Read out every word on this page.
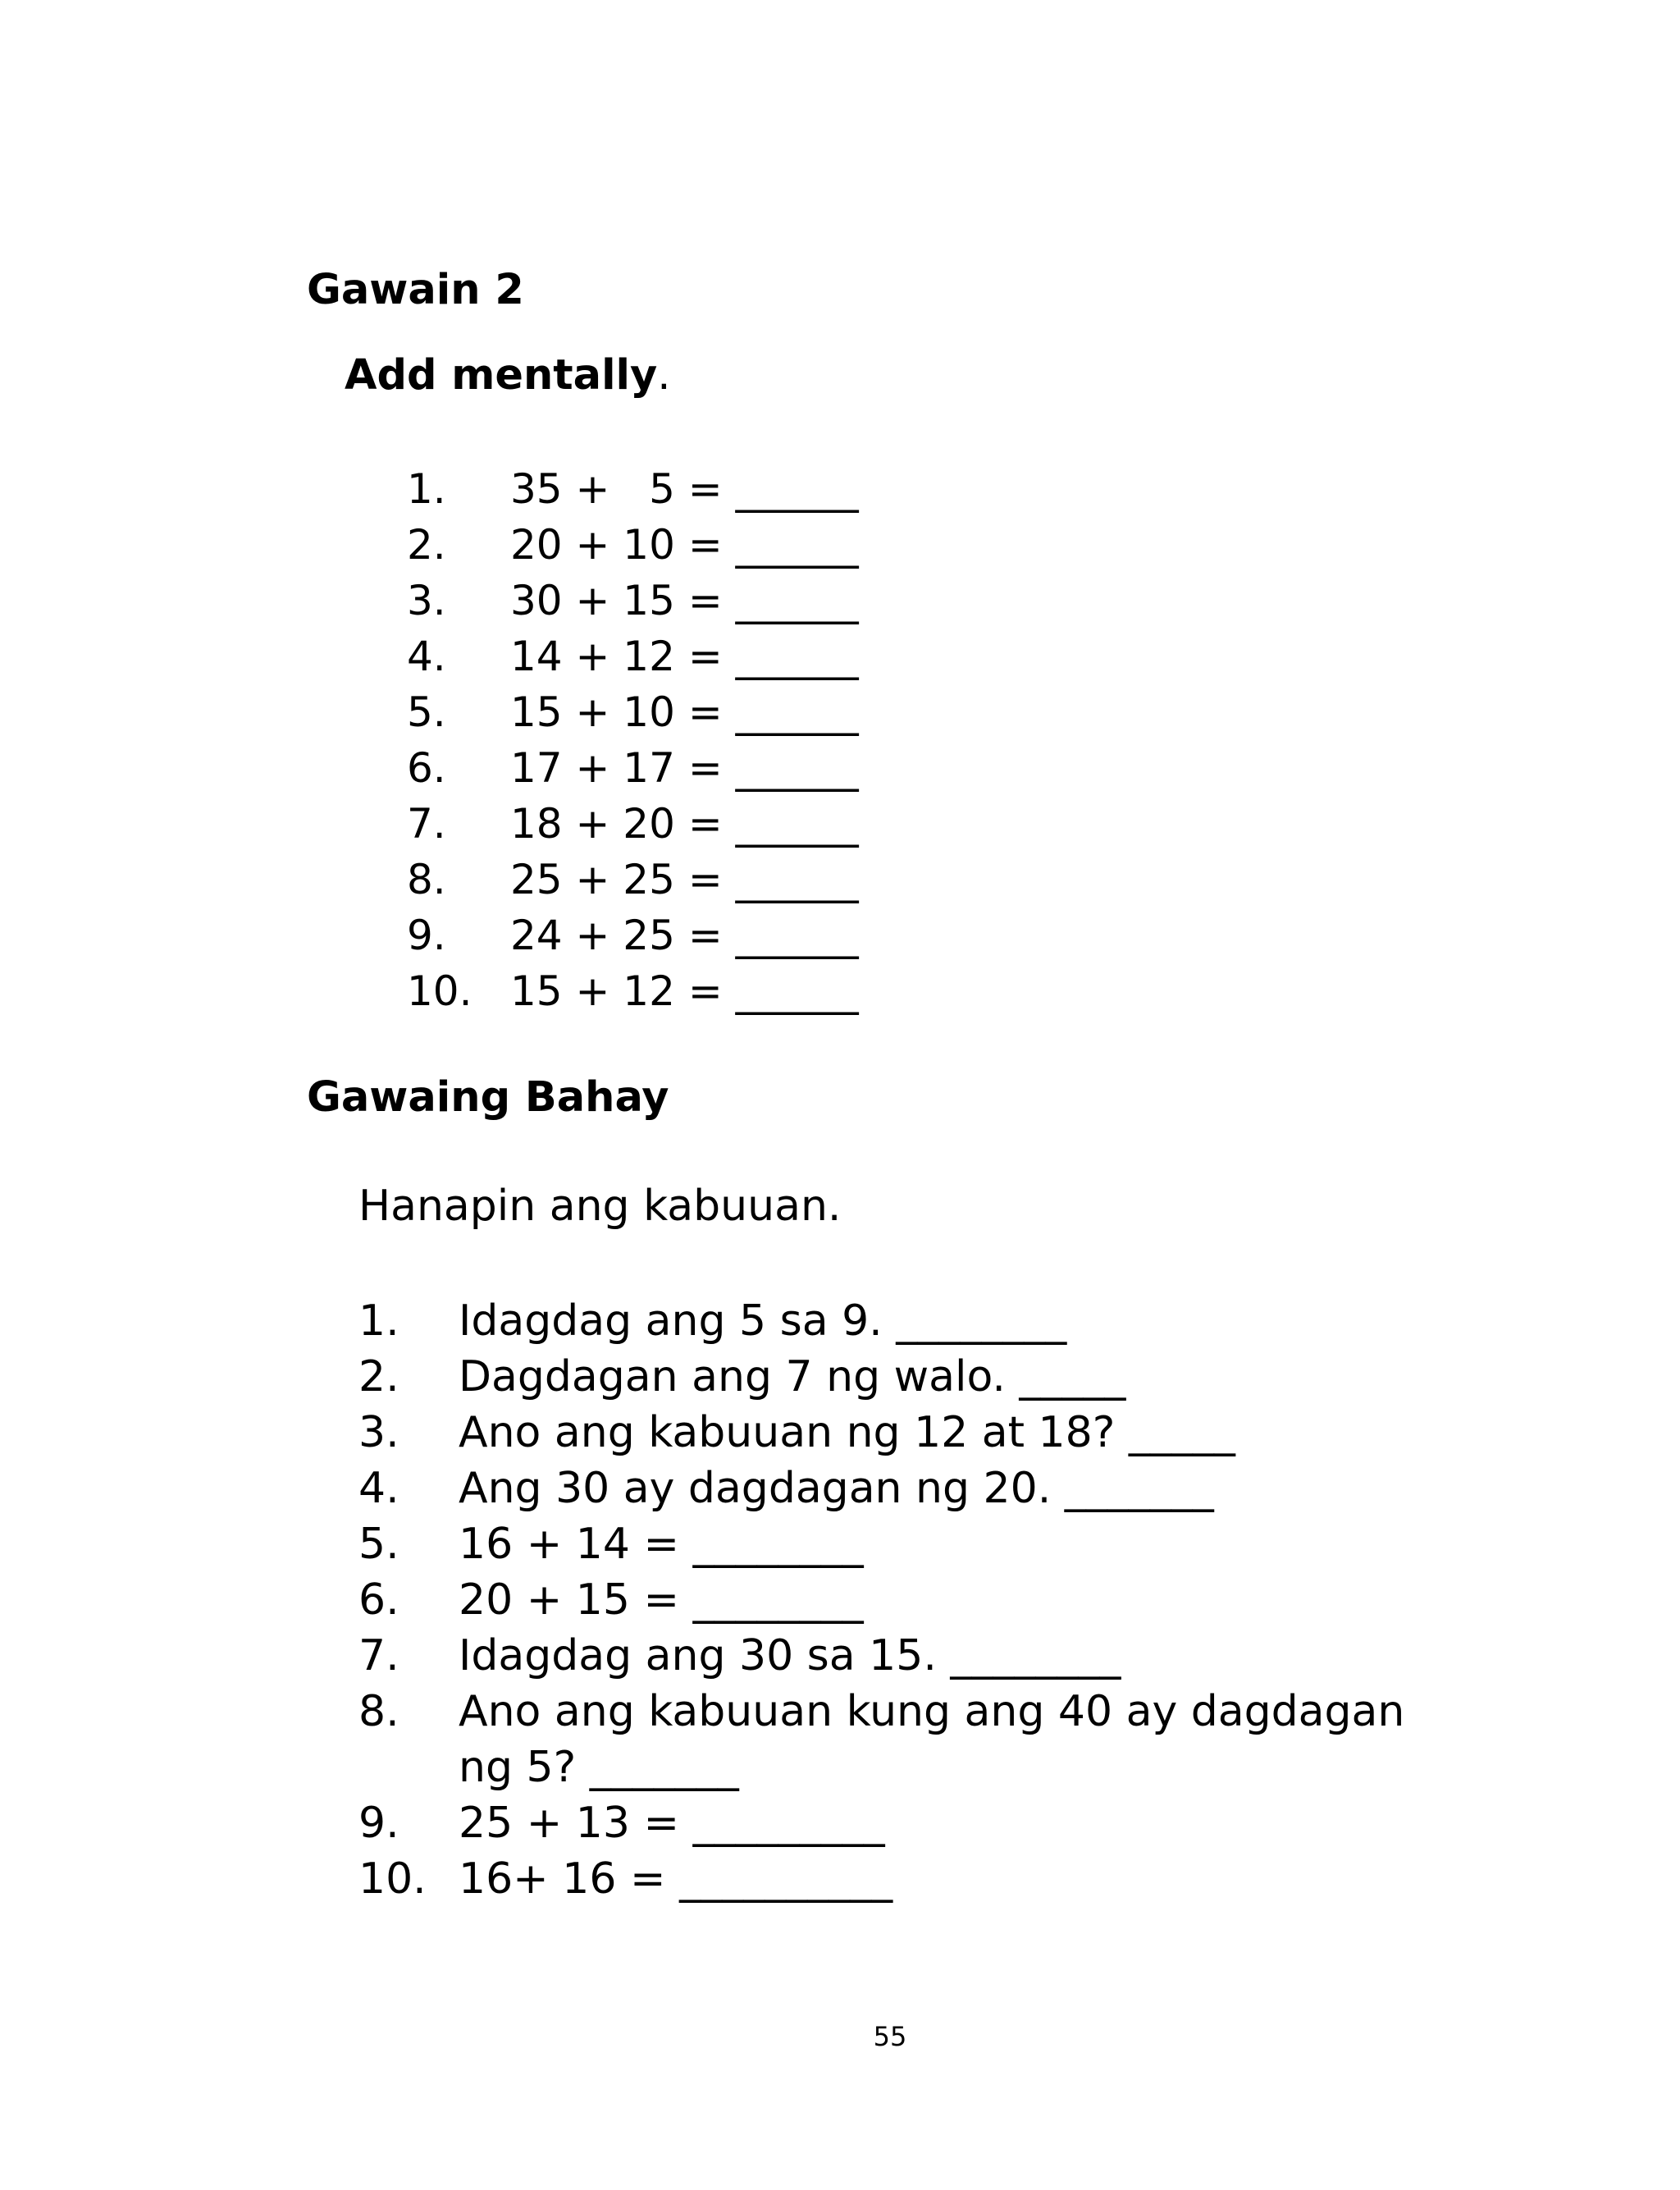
Gawain 2
Add mentally.
1. 35 +   5 = ______
2. 20 + 10 = ______
3. 30 + 15 = ______
4. 14 + 12 = ______
5. 15 + 10 = ______
6. 17 + 17 = ______
7. 18 + 20 = ______
8. 25 + 25 = ______
9. 24 + 25 = ______
10. 15 + 12 = ______
Gawaing Bahay
Hanapin ang kabuuan.
1. Idagdag ang 5 sa 9. ________
2. Dagdagan ang 7 ng walo. _____
3. Ano ang kabuuan ng 12 at 18? _____
4. Ang 30 ay dagdagan ng 20. _______
5. 16 + 14 = ________
6. 20 + 15 = ________
7. Idagdag ang 30 sa 15. ________
8. Ano ang kabuuan kung ang 40 ay dagdagan
ng 5? _______
9. 25 + 13 = _________
10. 16+ 16 = __________
55
